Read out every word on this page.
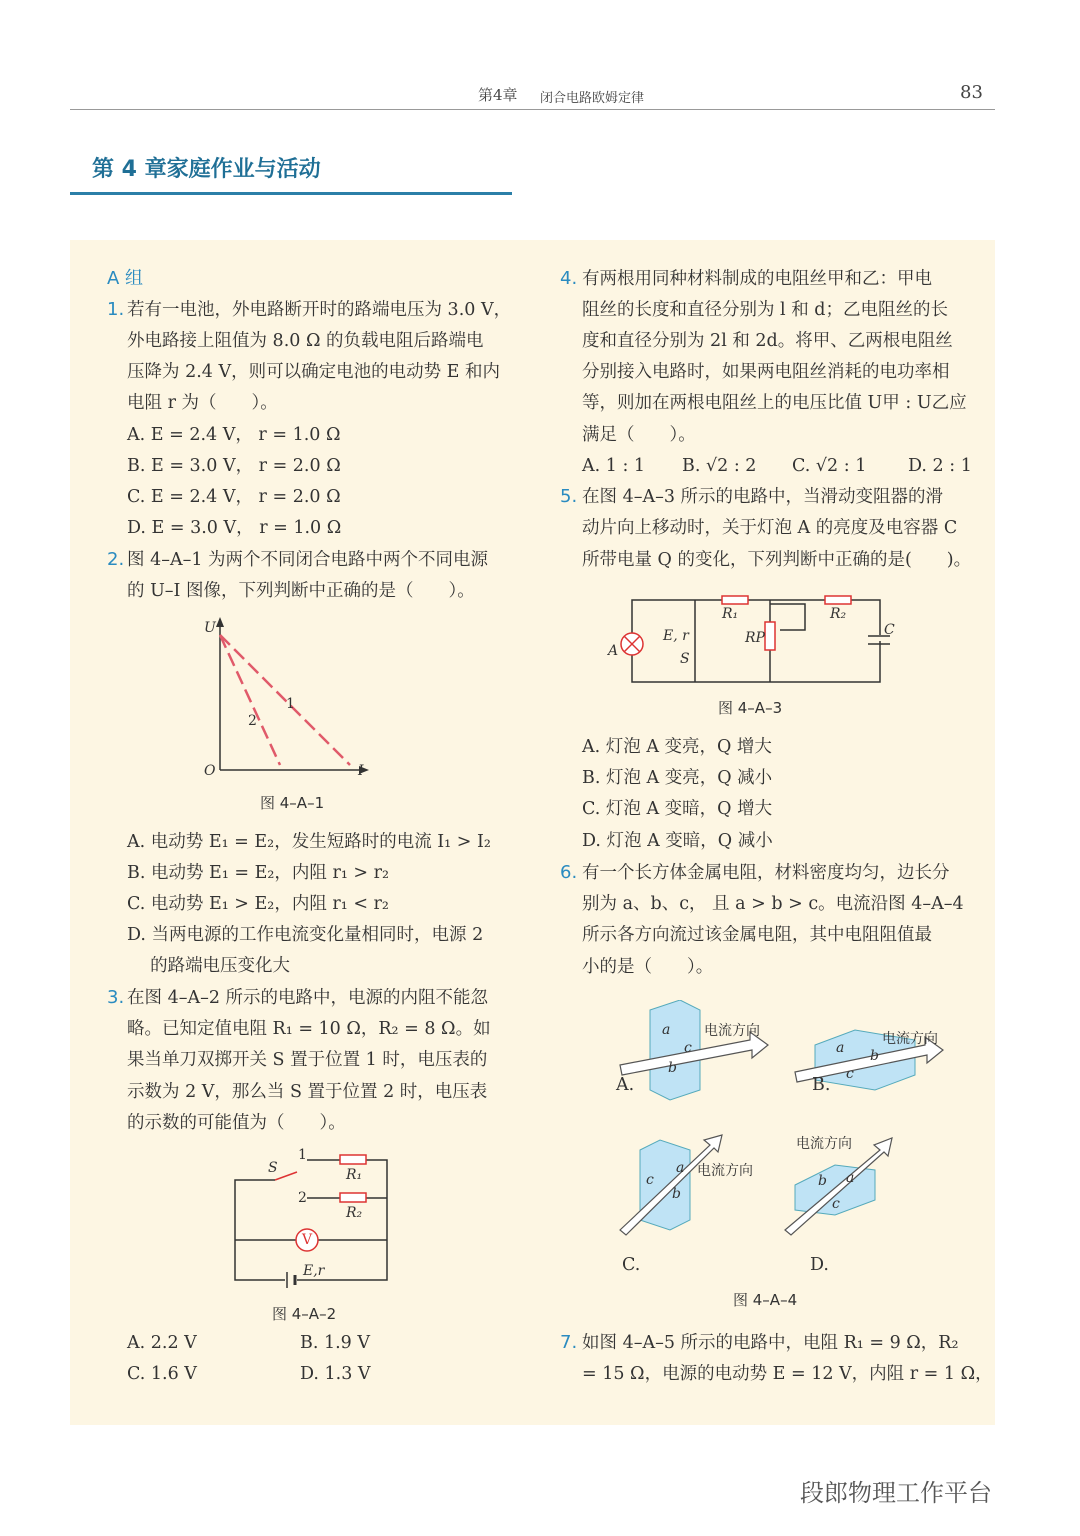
第4章 闭合电路欧姆定律	83
第 4 章家庭作业与活动
A 组
1. 若有一电池，外电路断开时的路端电压为 3.0 V，
外电路接上阻值为 8.0 Ω 的负载电阻后路端电
压降为 2.4 V，则可以确定电池的电动势 E 和内
电阻 r 为（　　）。
A. E = 2.4 V， r = 1.0 Ω
B. E = 3.0 V， r = 2.0 Ω
C. E = 2.4 V， r = 2.0 Ω
D. E = 3.0 V， r = 1.0 Ω
2. 图 4–A–1 为两个不同闭合电路中两个不同电源
的 U–I 图像，下列判断中正确的是（　　）。
A. 电动势 E₁ = E₂，发生短路时的电流 I₁ > I₂
B. 电动势 E₁ = E₂，内阻 r₁ > r₂
C. 电动势 E₁ > E₂，内阻 r₁ < r₂
D. 当两电源的工作电流变化量相同时，电源 2
　 的路端电压变化大
3. 在图 4–A–2 所示的电路中，电源的内阻不能忽
略。已知定值电阻 R₁ = 10 Ω，R₂ = 8 Ω。如
果当单刀双掷开关 S 置于位置 1 时，电压表的
示数为 2 V，那么当 S 置于位置 2 时，电压表
的示数的可能值为（　　）。
A. 2.2 V	B. 1.9 V
C. 1.6 V	D. 1.3 V
4. 有两根用同种材料制成的电阻丝甲和乙：甲电
阻丝的长度和直径分别为 l 和 d；乙电阻丝的长
度和直径分别为 2l 和 2d。将甲、乙两根电阻丝
分别接入电路时，如果两电阻丝消耗的电功率相
等，则加在两根电阻丝上的电压比值 U甲 : U乙应
满足（　　）。
A. 1 : 1 B. √2 : 2 C. √2 : 1 D. 2 : 1
5. 在图 4–A–3 所示的电路中，当滑动变阻器的滑
动片向上移动时，关于灯泡 A 的亮度及电容器 C
所带电量 Q 的变化，下列判断中正确的是(　　)。
A. 灯泡 A 变亮，Q 增大
B. 灯泡 A 变亮，Q 减小
C. 灯泡 A 变暗，Q 增大
D. 灯泡 A 变暗，Q 减小
6. 有一个长方体金属电阻，材料密度均匀，边长分
别为 a、b、c， 且 a > b > c。电流沿图 4–A–4
所示各方向流过该金属电阻，其中电阻阻值最
小的是（　　）。
7. 如图 4–A–5 所示的电路中，电阻 R₁ = 9 Ω，R₂
= 15 Ω，电源的电动势 E = 12 V，内阻 r = 1 Ω，
段郎物理工作平台
U
I
O
1
2
图 4–A–1
S
1
2
R₁
R₂
V
E,r
图 4–A–2
A
E, r
S
R₁
RP
R₂
C
图 4–A–3
电流方向	电流方向
电流方向
电流方向
a
c
b
a b
c
c
a
b
b a
c
A.	B.
C.	D.
图 4–A–4
